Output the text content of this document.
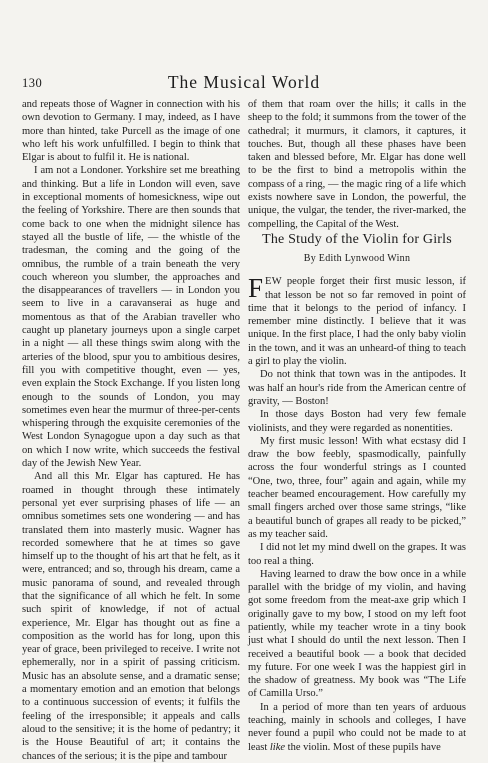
130	The Musical World

and repeats those of Wagner in connection with his own devotion to Germany. I may, indeed, as I have more than hinted, take Purcell as the image of one who left his work unfulfilled. I begin to think that Elgar is about to fulfil it. He is national.

I am not a Londoner. Yorkshire set me breathing and thinking. But a life in London will even, save in exceptional moments of homesickness, wipe out the feeling of Yorkshire. There are then sounds that come back to one when the midnight silence has stayed all the bustle of life, — the whistle of the tradesman, the coming and the going of the omnibus, the rumble of a train beneath the very couch whereon you slumber, the approaches and the disappearances of travellers — in London you seem to live in a caravanserai as huge and momentous as that of the Arabian traveller who caught up planetary journeys upon a single carpet in a night — all these things swim along with the arteries of the blood, spur you to ambitious desires, fill you with competitive thought, even — yes, even explain the Stock Exchange. If you listen long enough to the sounds of London, you may sometimes even hear the murmur of three-per-cents whispering through the exquisite ceremonies of the West London Synagogue upon a day such as that on which I now write, which succeeds the festival day of the Jewish New Year.

And all this Mr. Elgar has captured. He has roamed in thought through these intimately personal yet ever surprising phases of life — an omnibus sometimes sets one wondering — and has translated them into masterly music. Wagner has recorded somewhere that he at times so gave himself up to the thought of his art that he felt, as it were, entranced; and so, through his dream, came a music panorama of sound, and revealed through that the significance of all which he felt. In some such spirit of knowledge, if not of actual experience, Mr. Elgar has thought out as fine a composition as the world has for long, upon this year of grace, been privileged to receive. I write not ephemerally, nor in a spirit of passing criticism. Music has an absolute sense, and a dramatic sense; a momentary emotion and an emotion that belongs to a continuous succession of events; it fulfils the feeling of the irresponsible; it appeals and calls aloud to the sensitive; it is the home of pedantry; it is the House Beautiful of art; it contains the chances of the serious; it is the pipe and tambour

of them that roam over the hills; it calls in the sheep to the fold; it summons from the tower of the cathedral; it murmurs, it clamors, it captures, it touches. But, though all these phases have been taken and blessed before, Mr. Elgar has done well to be the first to bind a metropolis within the compass of a ring, — the magic ring of a life which exists nowhere save in London, the powerful, the unique, the vulgar, the tender, the river-marked, the compelling, the Capital of the West.

The Study of the Violin for Girls

By Edith Lynwood Winn

FEW people forget their first music lesson, if that lesson be not so far removed in point of time that it belongs to the period of infancy. I remember mine distinctly. I believe that it was unique. In the first place, I had the only baby violin in the town, and it was an unheard-of thing to teach a girl to play the violin.

Do not think that town was in the antipodes. It was half an hour's ride from the American centre of gravity, — Boston!

In those days Boston had very few female violinists, and they were regarded as nonentities.

My first music lesson! With what ecstasy did I draw the bow feebly, spasmodically, painfully across the four wonderful strings as I counted “One, two, three, four” again and again, while my teacher beamed encouragement. How carefully my small fingers arched over those same strings, “like a beautiful bunch of grapes all ready to be picked,” as my teacher said.

I did not let my mind dwell on the grapes. It was too real a thing.

Having learned to draw the bow once in a while parallel with the bridge of my violin, and having got some freedom from the meat-axe grip which I originally gave to my bow, I stood on my left foot patiently, while my teacher wrote in a tiny book just what I should do until the next lesson. Then I received a beautiful book — a book that decided my future. For one week I was the happiest girl in the shadow of greatness. My book was “The Life of Camilla Urso.”

In a period of more than ten years of arduous teaching, mainly in schools and colleges, I have never found a pupil who could not be made to at least like the violin. Most of these pupils have
